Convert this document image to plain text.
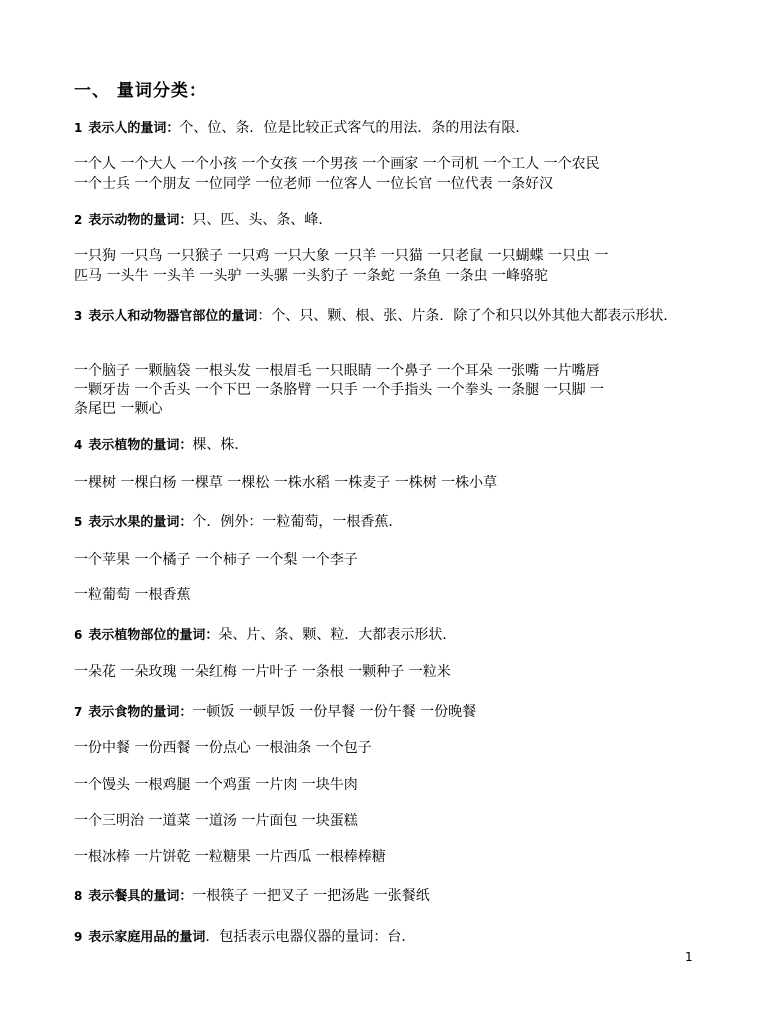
一、 量词分类：
1 表示人的量词：个、位、条．位是比较正式客气的用法．条的用法有限．
一个人 一个大人 一个小孩 一个女孩 一个男孩 一个画家 一个司机 一个工人 一个农民
一个士兵 一个朋友 一位同学 一位老师 一位客人 一位长官 一位代表 一条好汉
2 表示动物的量词：只、匹、头、条、峰．
一只狗 一只鸟 一只猴子 一只鸡 一只大象 一只羊 一只猫 一只老鼠 一只蝴蝶 一只虫 一
匹马 一头牛 一头羊 一头驴 一头骡 一头豹子 一条蛇 一条鱼 一条虫 一峰骆驼
3 表示人和动物器官部位的量词：个、只、颗、根、张、片条．除了个和只以外其他大都表示形状．
一个脑子 一颗脑袋 一根头发 一根眉毛 一只眼睛 一个鼻子 一个耳朵 一张嘴 一片嘴唇
一颗牙齿 一个舌头 一个下巴 一条胳臂 一只手 一个手指头 一个拳头 一条腿 一只脚 一
条尾巴 一颗心
4 表示植物的量词：棵、株．
一棵树 一棵白杨 一棵草 一棵松 一株水稻 一株麦子 一株树 一株小草
5 表示水果的量词：个．例外：一粒葡萄，一根香蕉．
一个苹果 一个橘子 一个柿子 一个梨 一个李子
一粒葡萄 一根香蕉
6 表示植物部位的量词：朵、片、条、颗、粒．大都表示形状．
一朵花 一朵玫瑰 一朵红梅 一片叶子 一条根 一颗种子 一粒米
7 表示食物的量词：一顿饭 一顿早饭 一份早餐 一份午餐 一份晚餐
一份中餐 一份西餐 一份点心 一根油条 一个包子
一个馒头 一根鸡腿 一个鸡蛋 一片肉 一块牛肉
一个三明治 一道菜 一道汤 一片面包 一块蛋糕
一根冰棒 一片饼乾 一粒糖果 一片西瓜 一根棒棒糖
8 表示餐具的量词：一根筷子 一把叉子 一把汤匙 一张餐纸
9 表示家庭用品的量词．包括表示电器仪器的量词：台．
1
